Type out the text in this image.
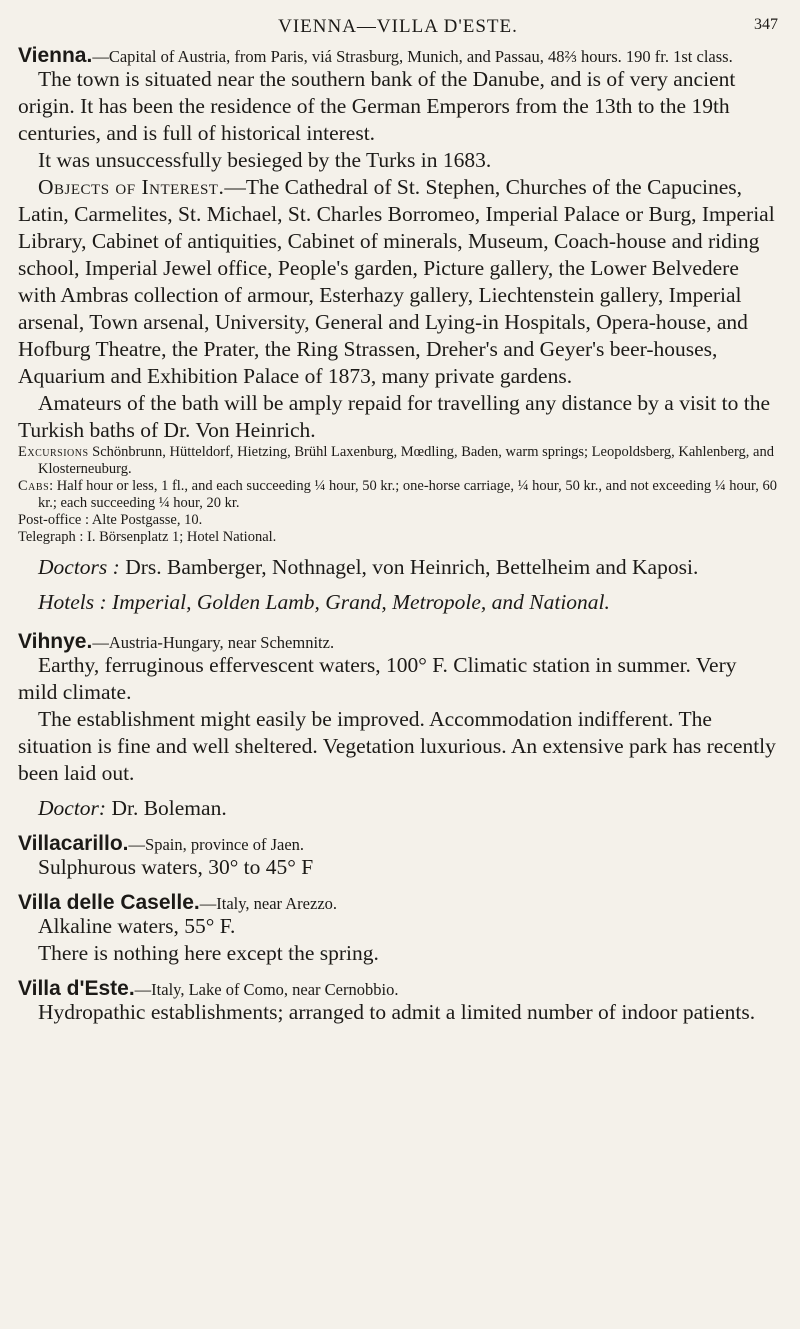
VIENNA—VILLA D'ESTE.	347

Vienna.—Capital of Austria, from Paris, viá Strasburg, Munich, and Passau, 48⅔ hours. 190 fr. 1st class.

The town is situated near the southern bank of the Danube, and is of very ancient origin. It has been the residence of the German Emperors from the 13th to the 19th centuries, and is full of historical interest.

It was unsuccessfully besieged by the Turks in 1683.

Objects of Interest.—The Cathedral of St. Stephen, Churches of the Capucines, Latin, Carmelites, St. Michael, St. Charles Borromeo, Imperial Palace or Burg, Imperial Library, Cabinet of antiquities, Cabinet of minerals, Museum, Coach-house and riding school, Imperial Jewel office, People's garden, Picture gallery, the Lower Belvedere with Ambras collection of armour, Esterhazy gallery, Liechtenstein gallery, Imperial arsenal, Town arsenal, University, General and Lying-in Hospitals, Opera-house, and Hofburg Theatre, the Prater, the Ring Strassen, Dreher's and Geyer's beer-houses, Aquarium and Exhibition Palace of 1873, many private gardens.

Amateurs of the bath will be amply repaid for travelling any distance by a visit to the Turkish baths of Dr. Von Heinrich.

Excursions Schönbrunn, Hütteldorf, Hietzing, Brühl Laxenburg, Mœdling, Baden, warm springs; Leopoldsberg, Kahlenberg, and Klosterneuburg.

Cabs: Half hour or less, 1 fl., and each succeeding ¼ hour, 50 kr.; one-horse carriage, ¼ hour, 50 kr., and not exceeding ¼ hour, 60 kr.; each succeeding ¼ hour, 20 kr.

Post-office : Alte Postgasse, 10.

Telegraph : I. Börsenplatz 1; Hotel National.

Doctors : Drs. Bamberger, Nothnagel, von Heinrich, Bettelheim and Kaposi.

Hotels : Imperial, Golden Lamb, Grand, Metropole, and National.

Vihnye.—Austria-Hungary, near Schemnitz.

Earthy, ferruginous effervescent waters, 100° F. Climatic station in summer. Very mild climate.

The establishment might easily be improved. Accommodation indifferent. The situation is fine and well sheltered. Vegetation luxurious. An extensive park has recently been laid out.

Doctor: Dr. Boleman.

Villacarillo.—Spain, province of Jaen.

Sulphurous waters, 30° to 45° F

Villa delle Caselle.—Italy, near Arezzo.

Alkaline waters, 55° F.

There is nothing here except the spring.

Villa d'Este.—Italy, Lake of Como, near Cernobbio.

Hydropathic establishments; arranged to admit a limited number of indoor patients.
